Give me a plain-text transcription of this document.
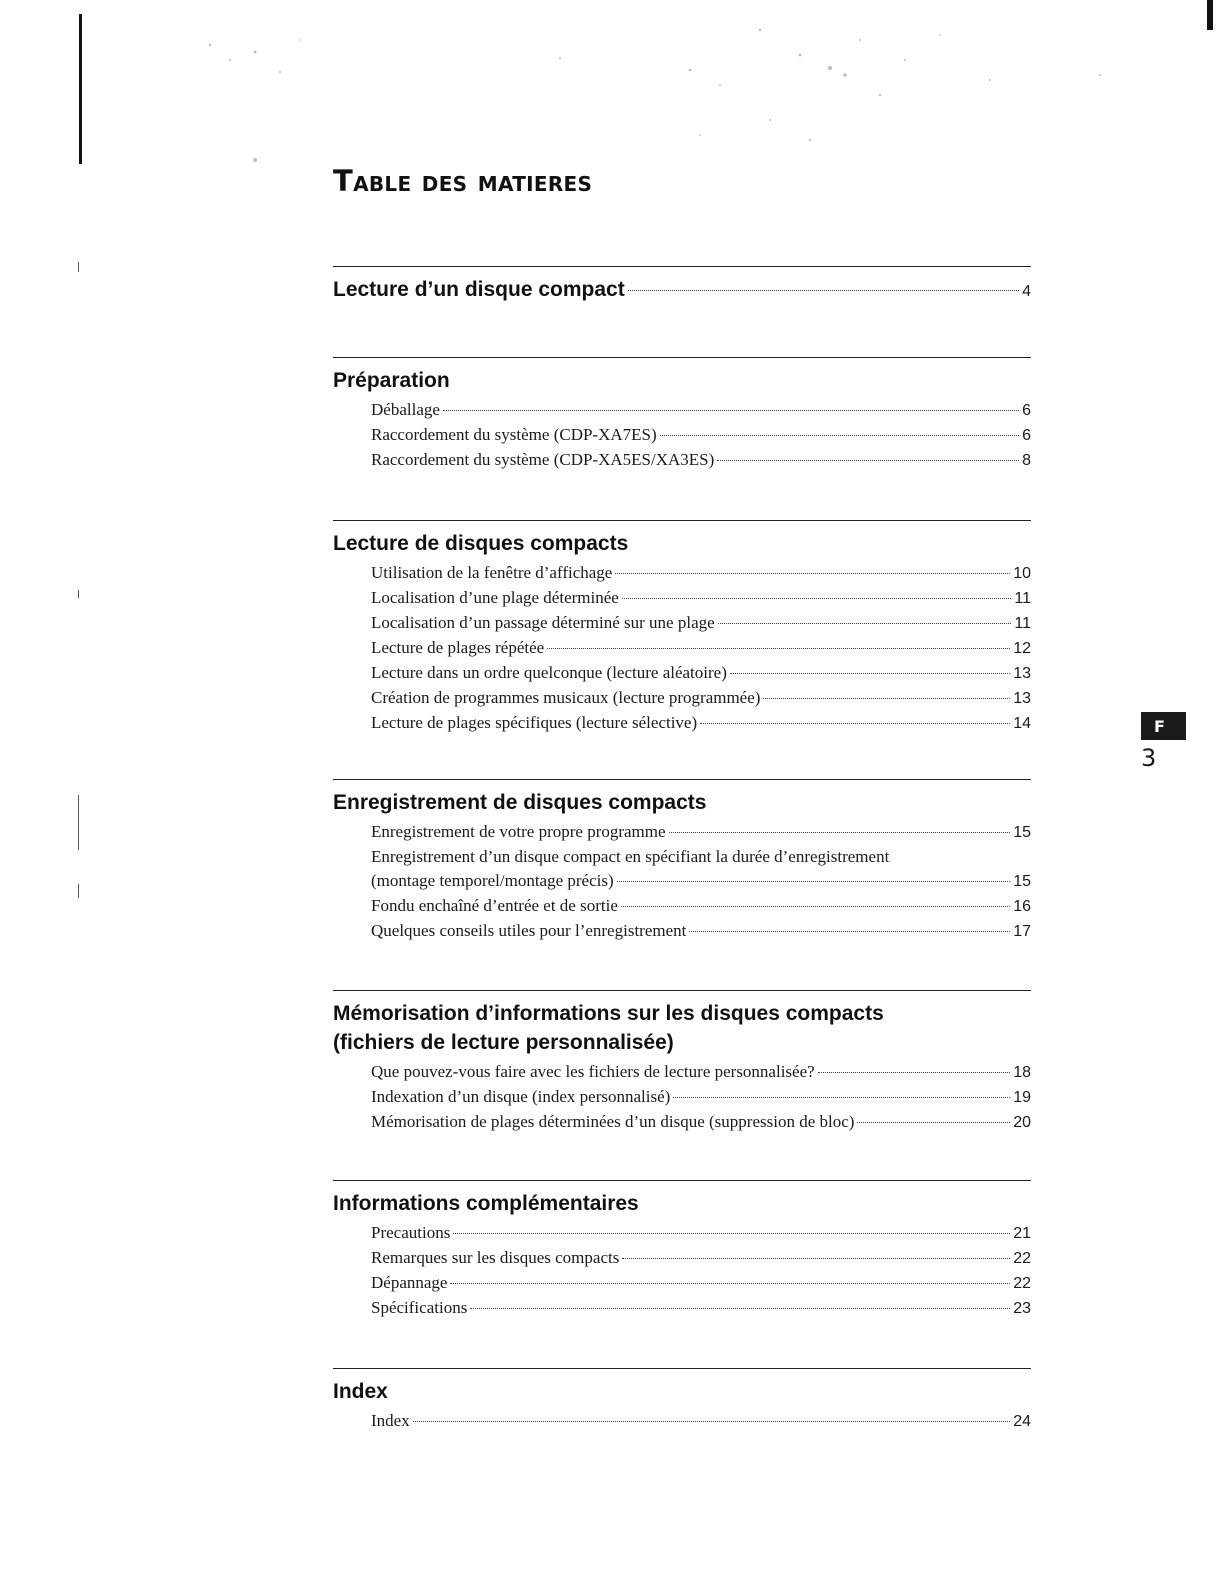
Table des matieres
Lecture d’un disque compact	4
Préparation
Déballage	6
Raccordement du système (CDP-XA7ES)	6
Raccordement du système (CDP-XA5ES/XA3ES)	8
Lecture de disques compacts
Utilisation de la fenêtre d’affichage	10
Localisation d’une plage déterminée	11
Localisation d’un passage déterminé sur une plage	11
Lecture de plages répétée	12
Lecture dans un ordre quelconque (lecture aléatoire)	13
Création de programmes musicaux (lecture programmée)	13
Lecture de plages spécifiques (lecture sélective)	14
Enregistrement de disques compacts
Enregistrement de votre propre programme	15
Enregistrement d’un disque compact en spécifiant la durée d’enregistrement
(montage temporel/montage précis)	15
Fondu enchaîné d’entrée et de sortie	16
Quelques conseils utiles pour l’enregistrement	17
Mémorisation d’informations sur les disques compacts
(fichiers de lecture personnalisée)
Que pouvez-vous faire avec les fichiers de lecture personnalisée?	18
Indexation d’un disque (index personnalisé)	19
Mémorisation de plages déterminées d’un disque (suppression de bloc)	20
Informations complémentaires
Precautions	21
Remarques sur les disques compacts	22
Dépannage	22
Spécifications	23
Index
Index	24
F
3
